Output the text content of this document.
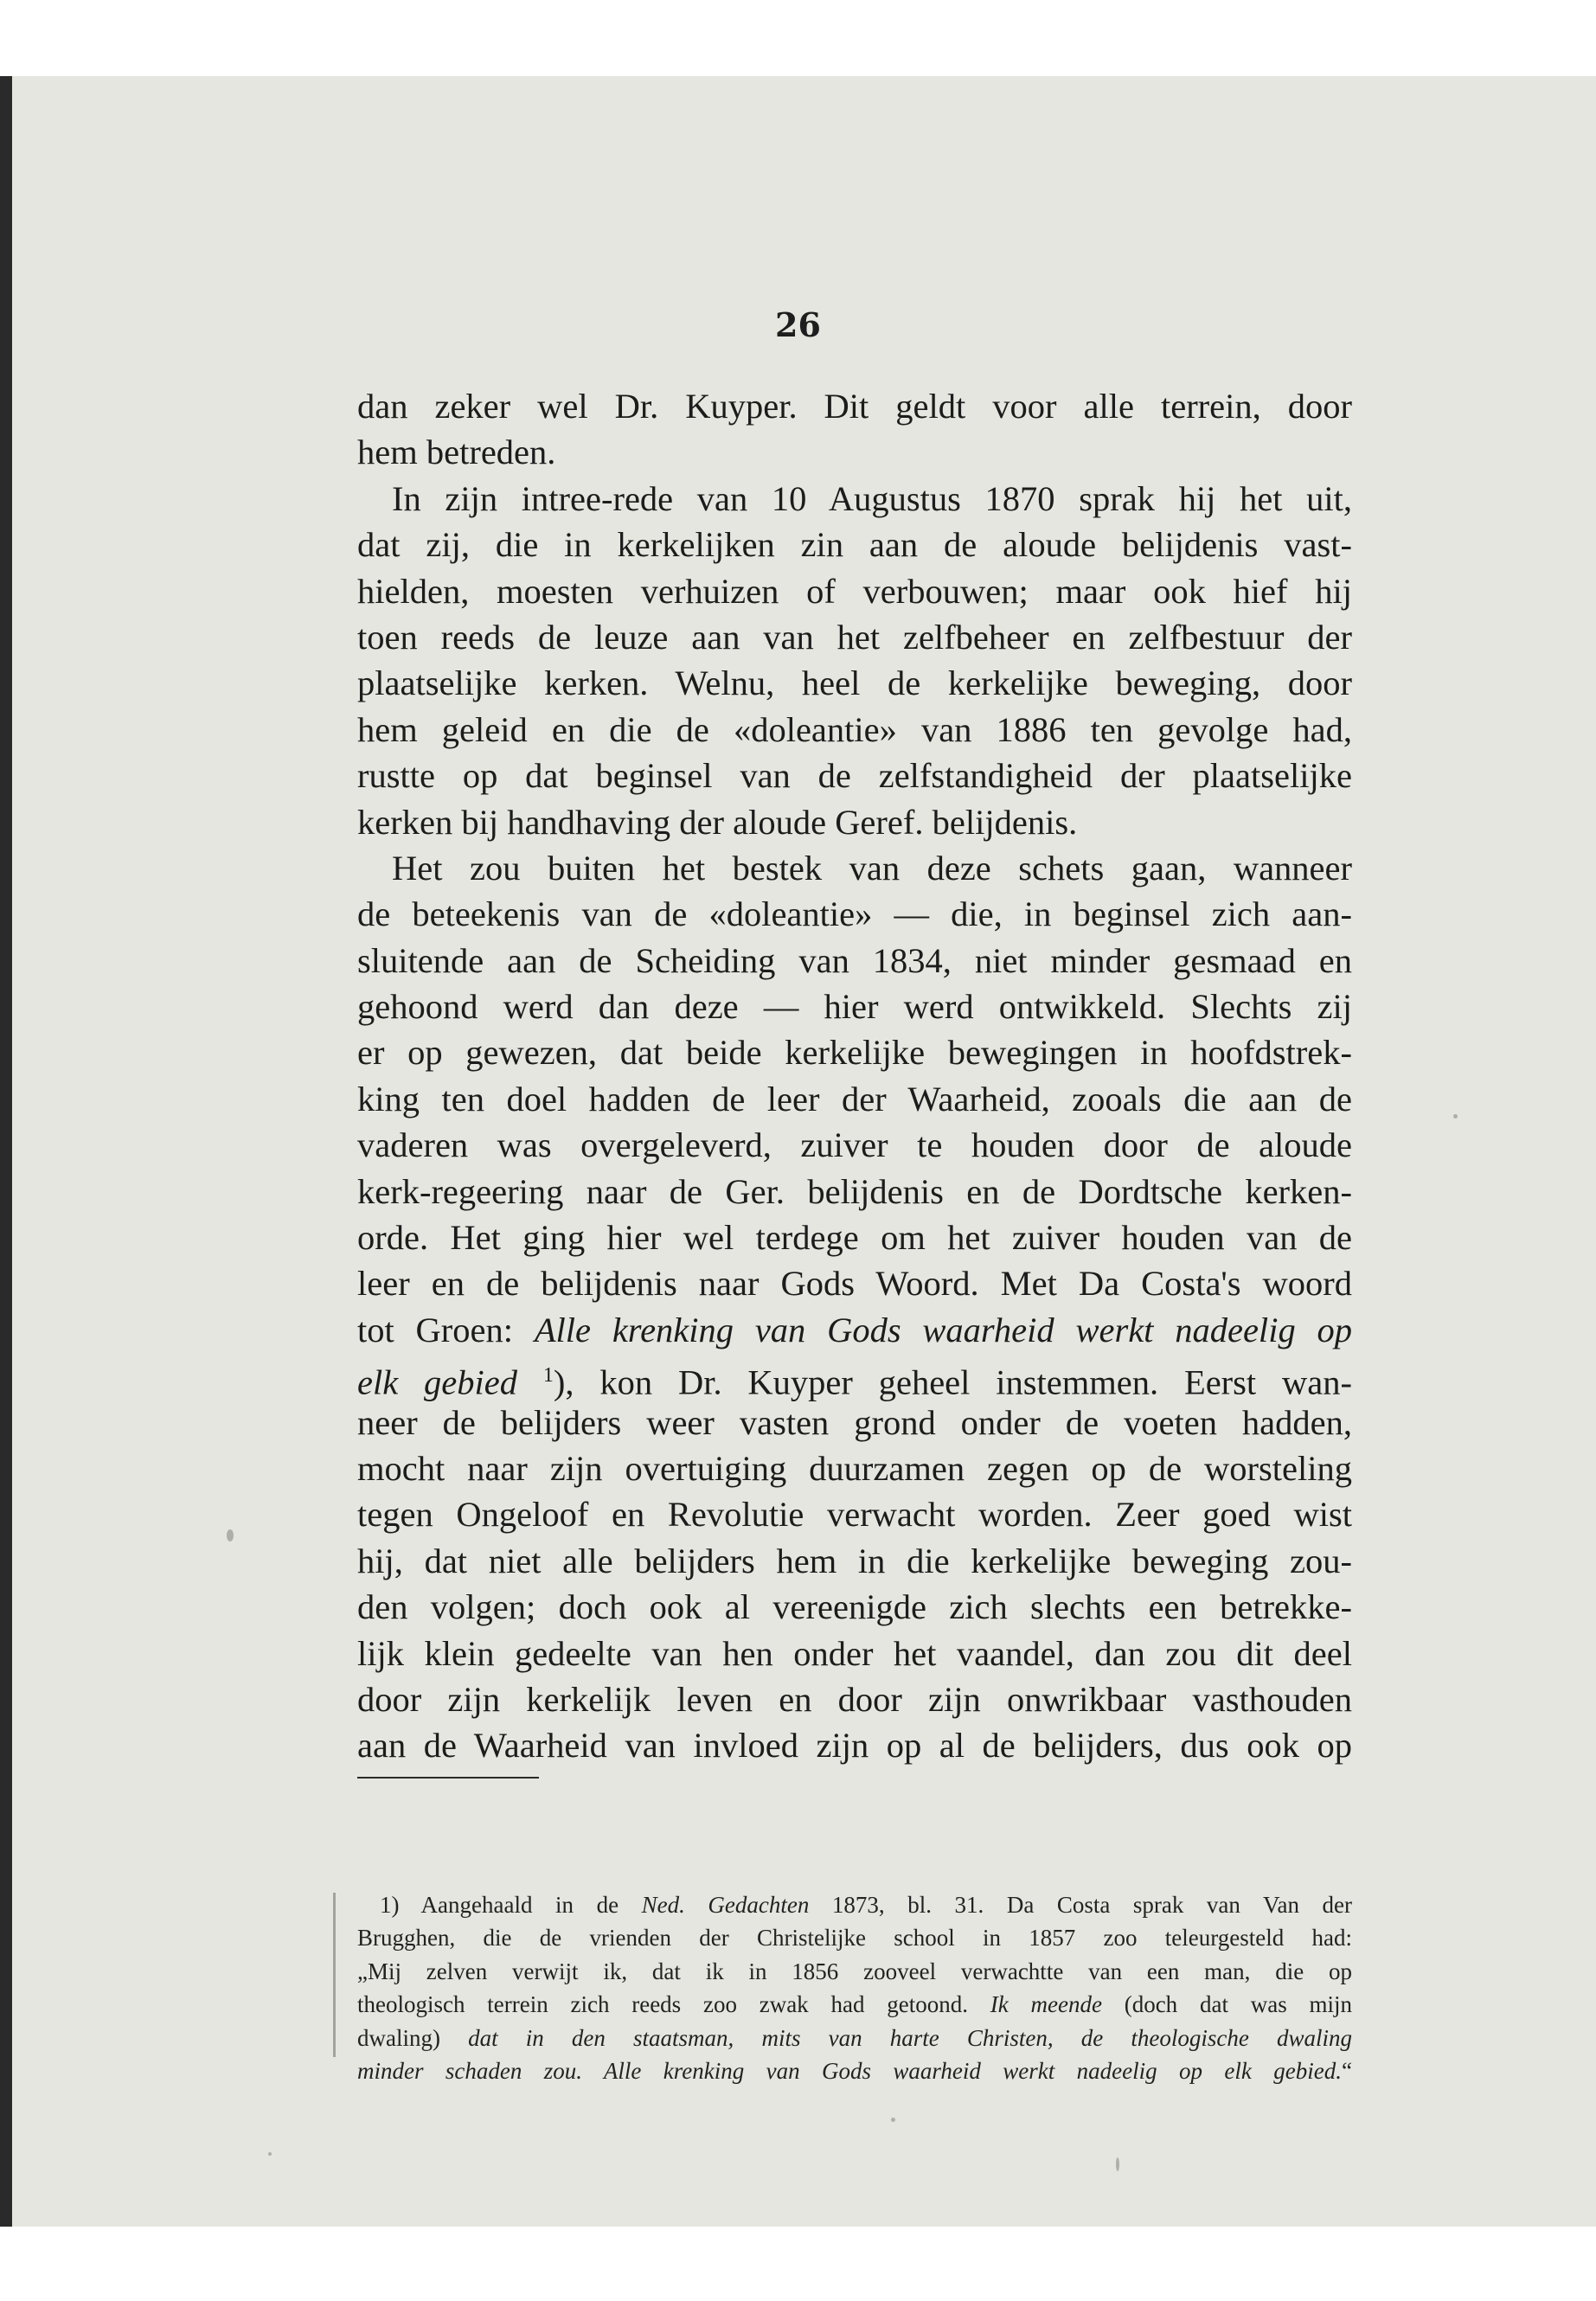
26
dan zeker wel Dr. Kuyper. Dit geldt voor alle terrein, door
hem betreden.
In zijn intree-rede van 10 Augustus 1870 sprak hij het uit,
dat zij, die in kerkelijken zin aan de aloude belijdenis vast-
hielden, moesten verhuizen of verbouwen; maar ook hief hij
toen reeds de leuze aan van het zelfbeheer en zelfbestuur der
plaatselijke kerken. Welnu, heel de kerkelijke beweging, door
hem geleid en die de «doleantie» van 1886 ten gevolge had,
rustte op dat beginsel van de zelfstandigheid der plaatselijke
kerken bij handhaving der aloude Geref. belijdenis.
Het zou buiten het bestek van deze schets gaan, wanneer
de beteekenis van de «doleantie» — die, in beginsel zich aan-
sluitende aan de Scheiding van 1834, niet minder gesmaad en
gehoond werd dan deze — hier werd ontwikkeld. Slechts zij
er op gewezen, dat beide kerkelijke bewegingen in hoofdstrek-
king ten doel hadden de leer der Waarheid, zooals die aan de
vaderen was overgeleverd, zuiver te houden door de aloude
kerk-regeering naar de Ger. belijdenis en de Dordtsche kerken-
orde. Het ging hier wel terdege om het zuiver houden van de
leer en de belijdenis naar Gods Woord. Met Da Costa's woord
tot Groen: Alle krenking van Gods waarheid werkt nadeelig op
elk gebied $^1$), kon Dr. Kuyper geheel instemmen. Eerst wan-
neer de belijders weer vasten grond onder de voeten hadden,
mocht naar zijn overtuiging duurzamen zegen op de worsteling
tegen Ongeloof en Revolutie verwacht worden. Zeer goed wist
hij, dat niet alle belijders hem in die kerkelijke beweging zou-
den volgen; doch ook al vereenigde zich slechts een betrekke-
lijk klein gedeelte van hen onder het vaandel, dan zou dit deel
door zijn kerkelijk leven en door zijn onwrikbaar vasthouden
aan de Waarheid van invloed zijn op al de belijders, dus ook op
1) Aangehaald in de Ned. Gedachten 1873, bl. 31. Da Costa sprak van Van der
Brugghen, die de vrienden der Christelijke school in 1857 zoo teleurgesteld had:
„Mij zelven verwijt ik, dat ik in 1856 zooveel verwachtte van een man, die op
theologisch terrein zich reeds zoo zwak had getoond. Ik meende (doch dat was mijn
dwaling) dat in den staatsman, mits van harte Christen, de theologische dwaling
minder schaden zou. Alle krenking van Gods waarheid werkt nadeelig op elk gebied.“
